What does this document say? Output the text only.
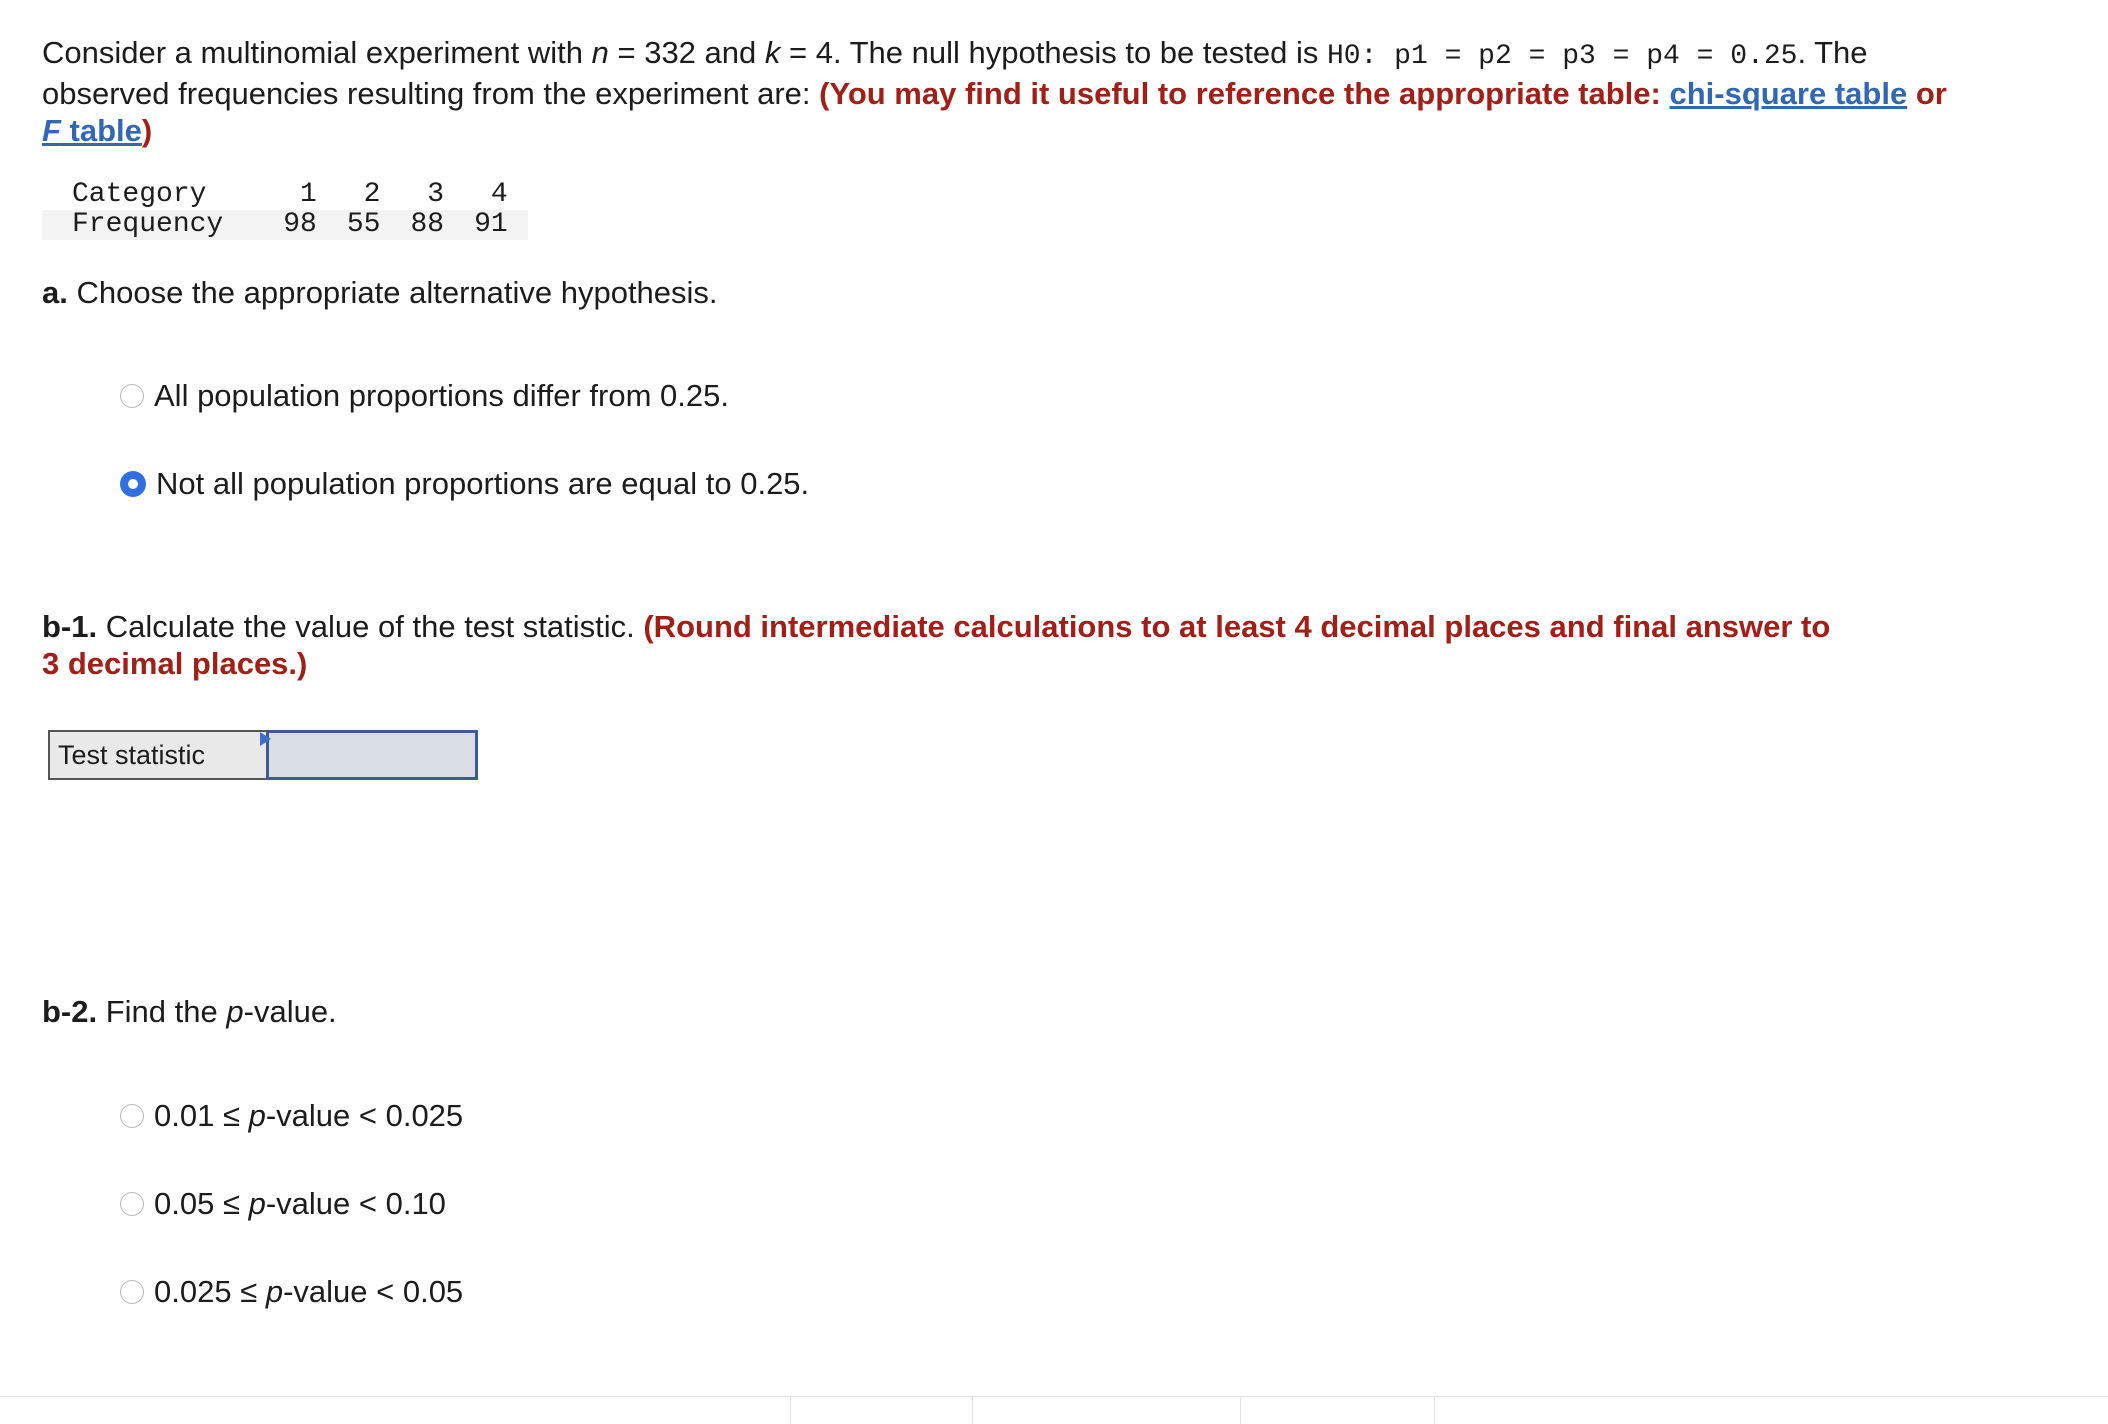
Consider a multinomial experiment with n = 332 and k = 4. The null hypothesis to be tested is H0: p1 = p2 = p3 = p4 = 0.25. The observed frequencies resulting from the experiment are: (You may find it useful to reference the appropriate table: chi-square table or F table)
Category	1	2	3	4
Frequency	98	55	88	91
a. Choose the appropriate alternative hypothesis.
All population proportions differ from 0.25.
Not all population proportions are equal to 0.25.
b-1. Calculate the value of the test statistic. (Round intermediate calculations to at least 4 decimal places and final answer to 3 decimal places.)
Test statistic
b-2. Find the p-value.
0.01 ≤ p-value < 0.025
0.05 ≤ p-value < 0.10
0.025 ≤ p-value < 0.05
